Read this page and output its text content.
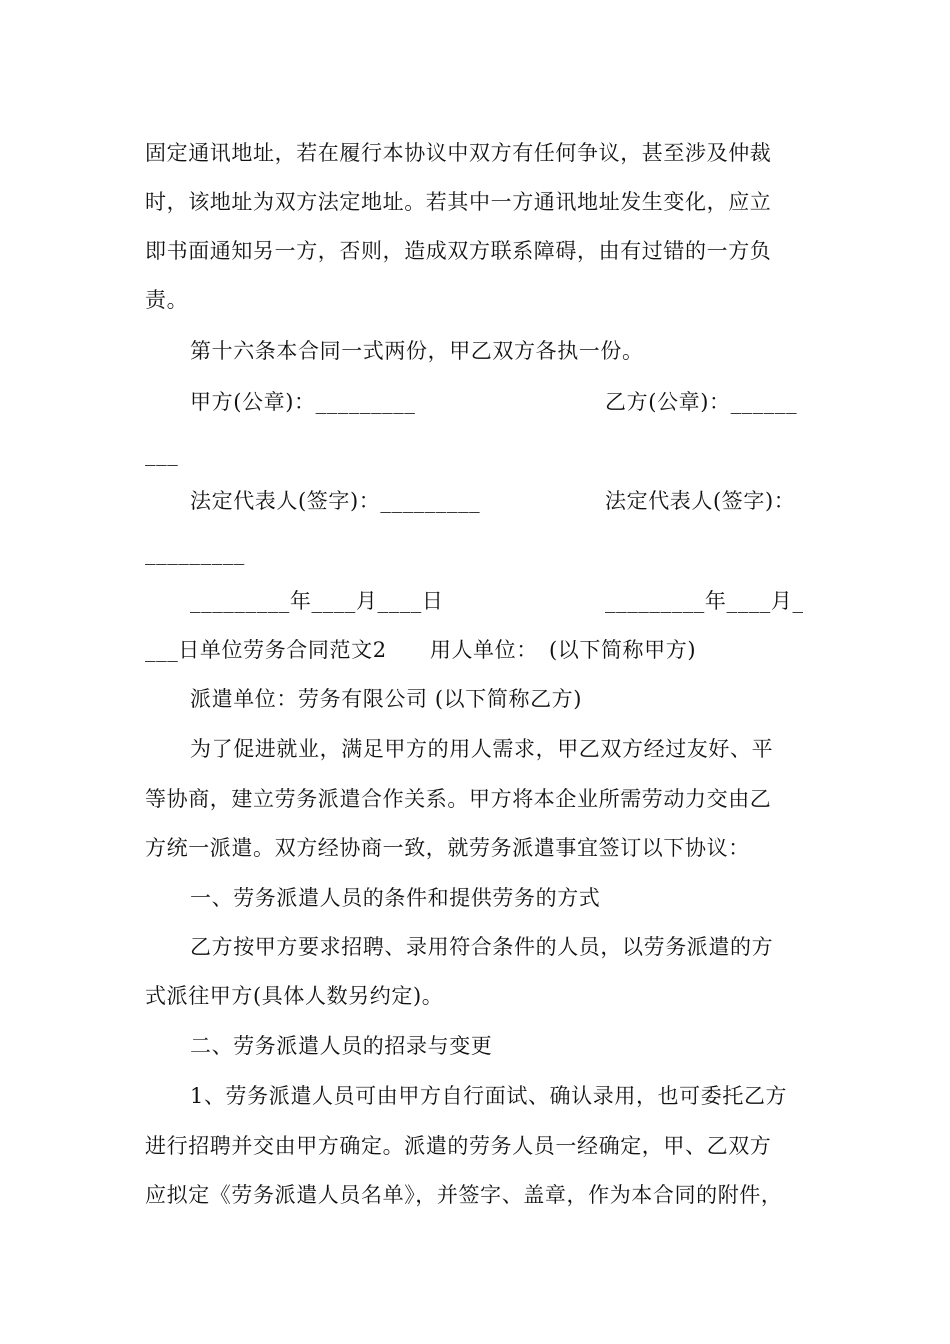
固定通讯地址，若在履行本协议中双方有任何争议，甚至涉及仲裁
时，该地址为双方法定地址。若其中一方通讯地址发生变化，应立
即书面通知另一方，否则，造成双方联系障碍，由有过错的一方负
责。
第十六条本合同一式两份，甲乙双方各执一份。
甲方(公章)：_________	乙方(公章)：______
___
法定代表人(签字)：_________	法定代表人(签字)：
_________
_________年____月____日	_________年____月_
___日单位劳务合同范文2　　用人单位：　(以下简称甲方)
派遣单位：劳务有限公司 (以下简称乙方)
为了促进就业，满足甲方的用人需求，甲乙双方经过友好、平
等协商，建立劳务派遣合作关系。甲方将本企业所需劳动力交由乙
方统一派遣。双方经协商一致，就劳务派遣事宜签订以下协议：
一、劳务派遣人员的条件和提供劳务的方式
乙方按甲方要求招聘、录用符合条件的人员，以劳务派遣的方
式派往甲方(具体人数另约定)。
二、劳务派遣人员的招录与变更
1、劳务派遣人员可由甲方自行面试、确认录用，也可委托乙方
进行招聘并交由甲方确定。派遣的劳务人员一经确定，甲、乙双方
应拟定《劳务派遣人员名单》，并签字、盖章，作为本合同的附件，
